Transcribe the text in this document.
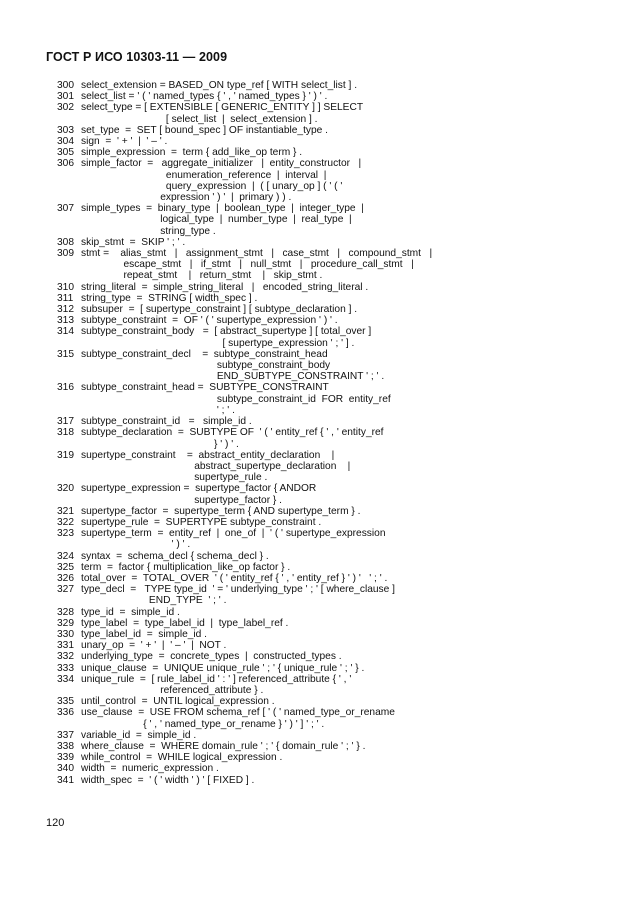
ГОСТ Р ИСО 10303-11 — 2009
300 select_extension = BASED_ON type_ref [ WITH select_list ] .
301 select_list = ' ( ' named_types { ' , ' named_types } ' ) ' .
302 select_type = [ EXTENSIBLE [ GENERIC_ENTITY ] ] SELECT
[ select_list  |  select_extension ] .
303 set_type  =  SET [ bound_spec ] OF instantiable_type .
304 sign  =  ' + '  |  ' – ' .
305 simple_expression  =  term { add_like_op term } .
306 simple_factor  =   aggregate_initializer   |  entity_constructor   |
enumeration_reference  |  interval  |
query_expression  |  ( [ unary_op ] ( ' ( '
expression ' ) '  |  primary ) ) .
307 simple_types  =  binary_type  |  boolean_type  |  integer_type  |
logical_type  |  number_type  |  real_type  |
string_type .
308 skip_stmt  =  SKIP ' ; ' .
309 stmt =    alias_stmt   |   assignment_stmt   |   case_stmt   |   compound_stmt   |
escape_stmt   |   if_stmt   |   null_stmt   |   procedure_call_stmt   |
repeat_stmt    |   return_stmt    |   skip_stmt .
310 string_literal  =  simple_string_literal   |   encoded_string_literal .
311 string_type  =  STRING [ width_spec ] .
312 subsuper  =  [ supertype_constraint ] [ subtype_declaration ] .
313 subtype_constraint  =  OF ' ( ' supertype_expression ' ) ' .
314 subtype_constraint_body   =  [ abstract_supertype ] [ total_over ]
[ supertype_expression ' ; ' ] .
315 subtype_constraint_decl    =  subtype_constraint_head
subtype_constraint_body
END_SUBTYPE_CONSTRAINT ' ; ' .
316 subtype_constraint_head =  SUBTYPE_CONSTRAINT
subtype_constraint_id  FOR  entity_ref
' ; ' .
317 subtype_constraint_id   =   simple_id .
318 subtype_declaration  =  SUBTYPE OF  ' ( ' entity_ref { ' , ' entity_ref
} ' ) ' .
319 supertype_constraint    =  abstract_entity_declaration    |
abstract_supertype_declaration    |
supertype_rule .
320 supertype_expression =  supertype_factor { ANDOR
supertype_factor } .
321 supertype_factor  =  supertype_term { AND supertype_term } .
322 supertype_rule  =  SUPERTYPE subtype_constraint .
323 supertype_term  =  entity_ref  |  one_of  |  ' ( ' supertype_expression
' ) ' .
324 syntax  =  schema_decl { schema_decl } .
325 term  =  factor { multiplication_like_op factor } .
326 total_over  =  TOTAL_OVER  ' ( ' entity_ref { ' , ' entity_ref } ' ) '   ' ; ' .
327 type_decl  =   TYPE type_id  ' = ' underlying_type ' ; ' [ where_clause ]
END_TYPE  ' ; ' .
328 type_id  =  simple_id .
329 type_label  =  type_label_id  |  type_label_ref .
330 type_label_id  =  simple_id .
331 unary_op  =  ' + '  |  ' – '  |  NOT .
332 underlying_type  =  concrete_types  |  constructed_types .
333 unique_clause  =  UNIQUE unique_rule ' ; ' { unique_rule ' ; ' } .
334 unique_rule  =  [ rule_label_id ' : ' ] referenced_attribute { ' , '
referenced_attribute } .
335 until_control  =  UNTIL logical_expression .
336 use_clause  =  USE FROM schema_ref [ ' ( ' named_type_or_rename
{ ' , ' named_type_or_rename } ' ) ' ] ' ; ' .
337 variable_id  =  simple_id .
338 where_clause  =  WHERE domain_rule ' ; ' { domain_rule ' ; ' } .
339 while_control  =  WHILE logical_expression .
340 width  =  numeric_expression .
341 width_spec  =  ' ( ' width ' ) ' [ FIXED ] .
120
